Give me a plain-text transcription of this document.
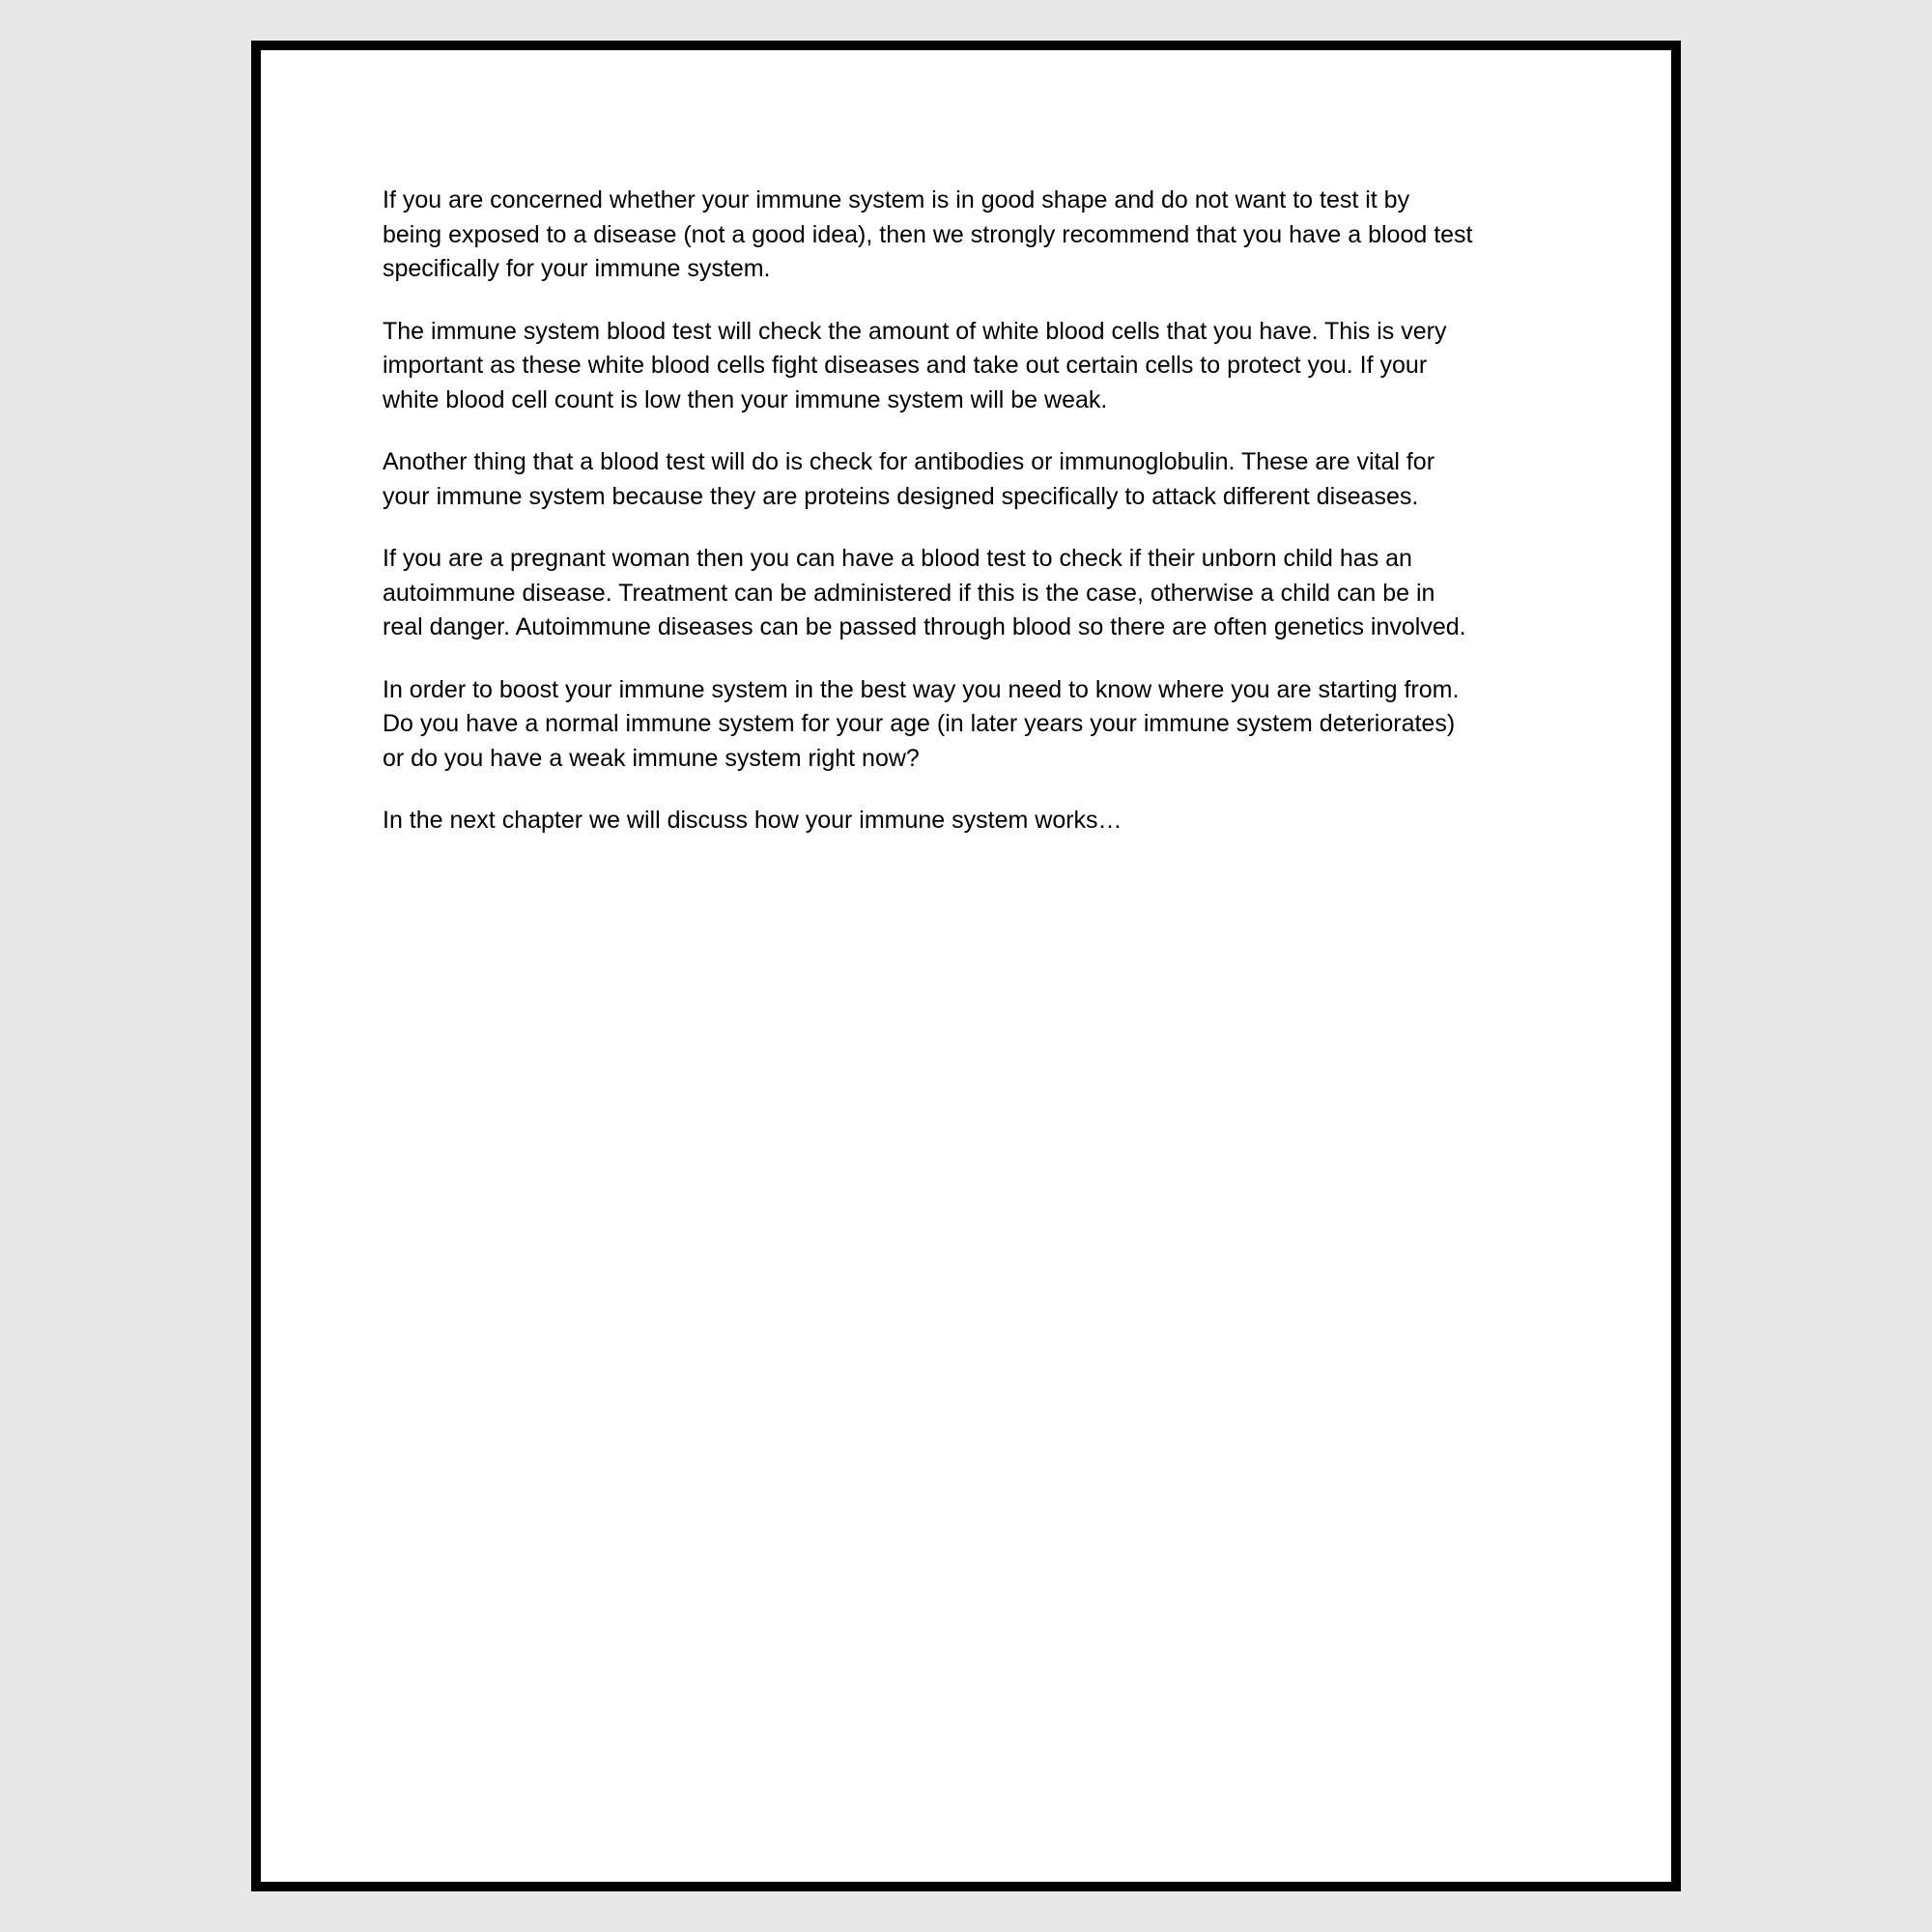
If you are concerned whether your immune system is in good shape and do not want to test it by
being exposed to a disease (not a good idea), then we strongly recommend that you have a blood test
specifically for your immune system.

The immune system blood test will check the amount of white blood cells that you have. This is very
important as these white blood cells fight diseases and take out certain cells to protect you. If your
white blood cell count is low then your immune system will be weak.

Another thing that a blood test will do is check for antibodies or immunoglobulin. These are vital for
your immune system because they are proteins designed specifically to attack different diseases.

If you are a pregnant woman then you can have a blood test to check if their unborn child has an
autoimmune disease. Treatment can be administered if this is the case, otherwise a child can be in
real danger. Autoimmune diseases can be passed through blood so there are often genetics involved.

In order to boost your immune system in the best way you need to know where you are starting from.
Do you have a normal immune system for your age (in later years your immune system deteriorates)
or do you have a weak immune system right now?

In the next chapter we will discuss how your immune system works…
